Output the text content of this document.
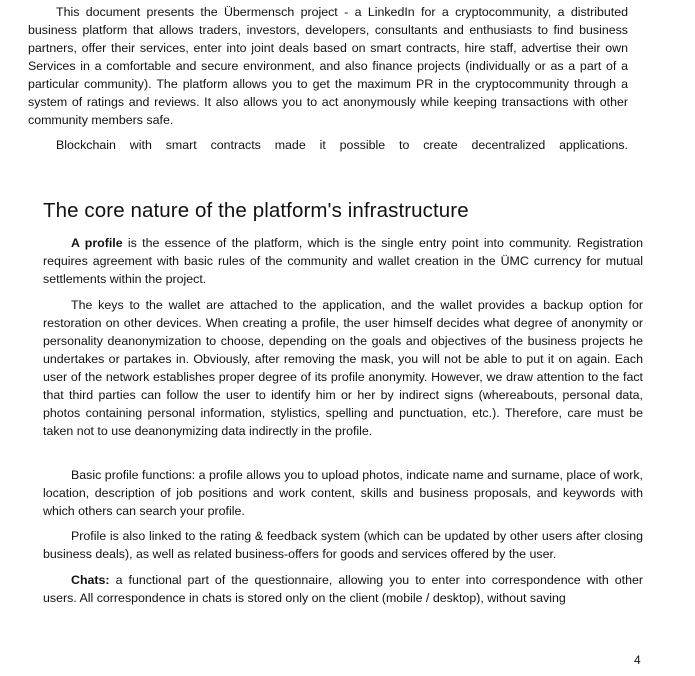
This document presents the Übermensch project - a LinkedIn for a cryptocommunity, a distributed business platform that allows traders, investors, developers, consultants and enthusiasts to find business partners, offer their services, enter into joint deals based on smart contracts, hire staff, advertise their own Services in a comfortable and secure environment, and also finance projects (individually or as a part of a particular community). The platform allows you to get the maximum PR in the cryptocommunity through a system of ratings and reviews. It also allows you to act anonymously while keeping transactions with other community members safe.

Blockchain with smart contracts made it possible to create decentralized applications.

The core nature of the platform's infrastructure

A profile is the essence of the platform, which is the single entry point into community. Registration requires agreement with basic rules of the community and wallet creation in the ÜMC currency for mutual settlements within the project.

The keys to the wallet are attached to the application, and the wallet provides a backup option for restoration on other devices. When creating a profile, the user himself decides what degree of anonymity or personality deanonymization to choose, depending on the goals and objectives of the business projects he undertakes or partakes in. Obviously, after removing the mask, you will not be able to put it on again. Each user of the network establishes proper degree of its profile anonymity. However, we draw attention to the fact that third parties can follow the user to identify him or her by indirect signs (whereabouts, personal data, photos containing personal information, stylistics, spelling and punctuation, etc.). Therefore, care must be taken not to use deanonymizing data indirectly in the profile.

Basic profile functions: a profile allows you to upload photos, indicate name and surname, place of work, location, description of job positions and work content, skills and business proposals, and keywords with which others can search your profile.

Profile is also linked to the rating & feedback system (which can be updated by other users after closing business deals), as well as related business-offers for goods and services offered by the user.

Chats: a functional part of the questionnaire, allowing you to enter into correspondence with other users. All correspondence in chats is stored only on the client (mobile / desktop), without saving

4
